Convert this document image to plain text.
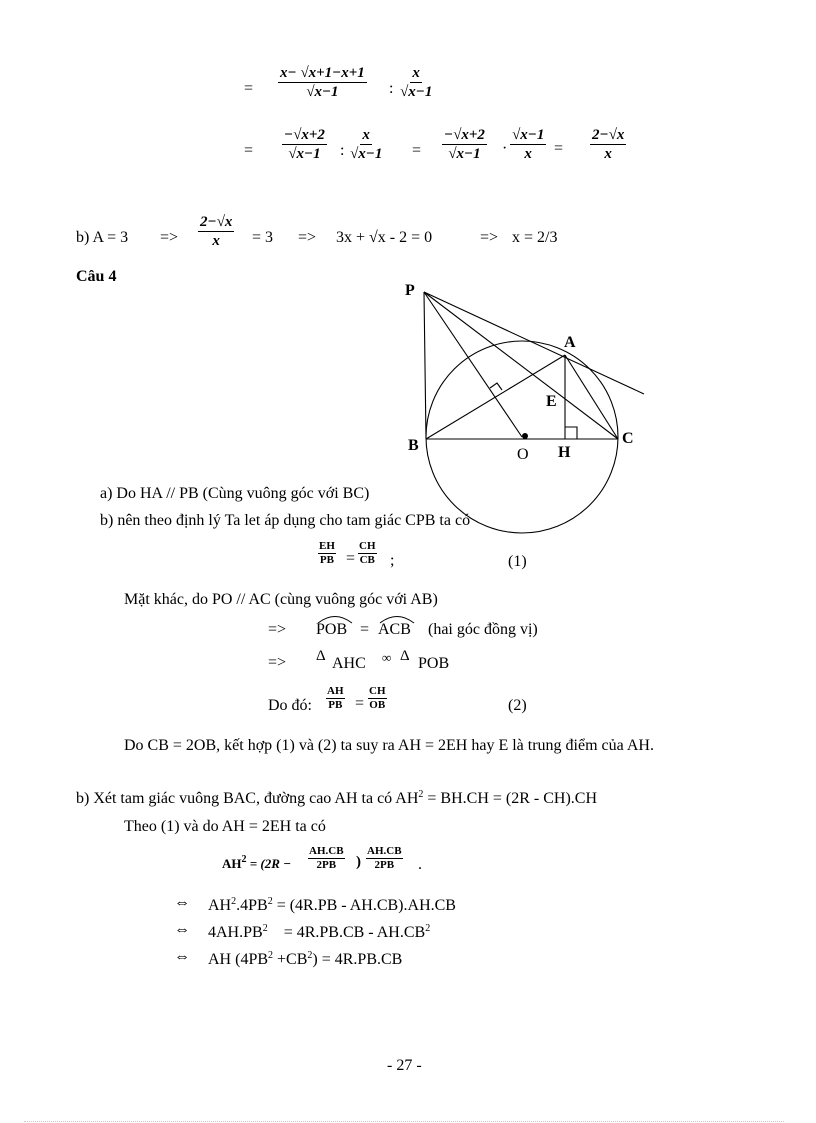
= $\frac{x- √x+1-x+1}{√x-1}$ : $\frac{x}{√x-1}$
= $\frac{-√x+2}{√x-1}$ : $\frac{x}{√x-1} = \frac{-√x+2}{√x-1} \cdot \frac{√x-1}{x} = \frac{2-√x}{x}$
b) $A = 3 => \frac{2-√x}{x} = 3 => 3x + √x - 2 = 0$	=> x = 2/3
Câu 4
P
A
E
B
O H
C
a) Do HA // PB (Cùng vuông góc với BC)
b) nên theo định lý Ta let áp dụng cho tam giác CPB ta có
$\frac{EH}{PB} = \frac{CH}{CB}$ ;	(1)
Mặt khác, do PO // AC (cùng vuông góc với AB)
=> POB = ACB (hai góc đồng vị)
=> Δ AHC ∞ Δ POB
Do đó: $\frac{AH}{PB} = \frac{CH}{OB}$	(2)
Do CB = 2OB, kết hợp (1) và (2) ta suy ra AH = 2EH hay E là trung điểm của AH.
b) Xét tam giác vuông BAC, đường cao AH ta có $AH^2 = BH.CH = (2R - CH).CH$
Theo (1) và do AH = 2EH ta có
$AH^2 = (2R - \frac{AH.CB}{2PB}$ ) $\frac{AH.CB}{2PB}$ .
⇔ $AH^2.4PB^2 = (4R.PB - AH.CB).AH.CB$
⇔ $4AH.PB^2$    = $4R.PB.CB - AH.CB^2$
⇔ AH $(4PB^2 +CB^2) = 4R.PB.CB$
- 27 -
